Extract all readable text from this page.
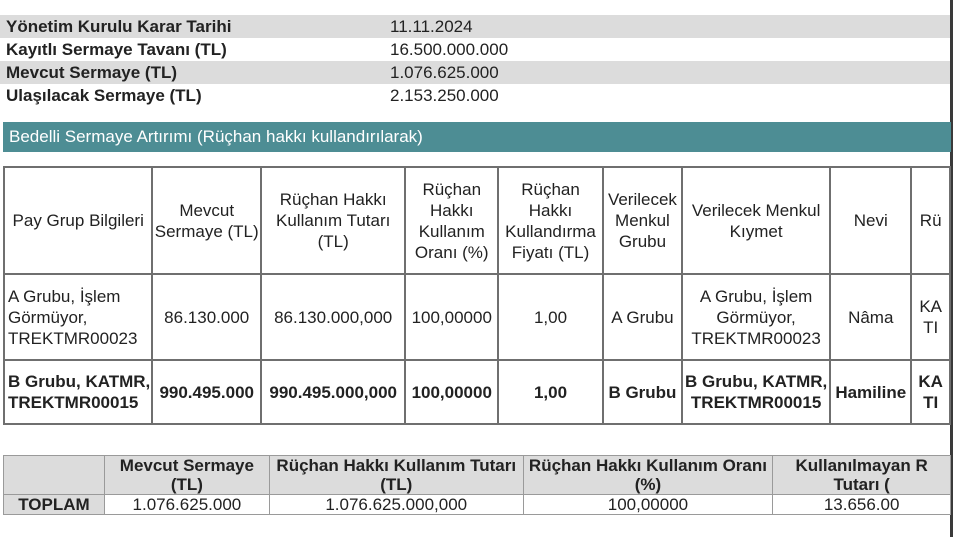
Yönetim Kurulu Karar Tarihi	11.11.2024
Kayıtlı Sermaye Tavanı (TL)	16.500.000.000
Mevcut Sermaye (TL)	1.076.625.000
Ulaşılacak Sermaye (TL)	2.153.250.000
Bedelli Sermaye Artırımı (Rüçhan hakkı kullandırılarak)
Pay Grup Bilgileri	Mevcut Sermaye (TL)	Rüçhan Hakkı Kullanım Tutarı (TL)	Rüçhan Hakkı Kullanım Oranı (%)	Rüçhan Hakkı Kullandırma Fiyatı (TL)	Verilecek Menkul Grubu	Verilecek Menkul Kıymet	Nevi	Rü
A Grubu, İşlem Görmüyor, TREKTMR00023	86.130.000	86.130.000,000	100,00000	1,00	A Grubu	A Grubu, İşlem Görmüyor, TREKTMR00023	Nâma	KA TI
B Grubu, KATMR, TREKTMR00015	990.495.000	990.495.000,000	100,00000	1,00	B Grubu	B Grubu, KATMR, TREKTMR00015	Hamiline	KA TI
	Mevcut Sermaye (TL)	Rüçhan Hakkı Kullanım Tutarı (TL)	Rüçhan Hakkı Kullanım Oranı (%)	Kullanılmayan R Tutarı (
TOPLAM	1.076.625.000	1.076.625.000,000	100,00000	13.656.00
